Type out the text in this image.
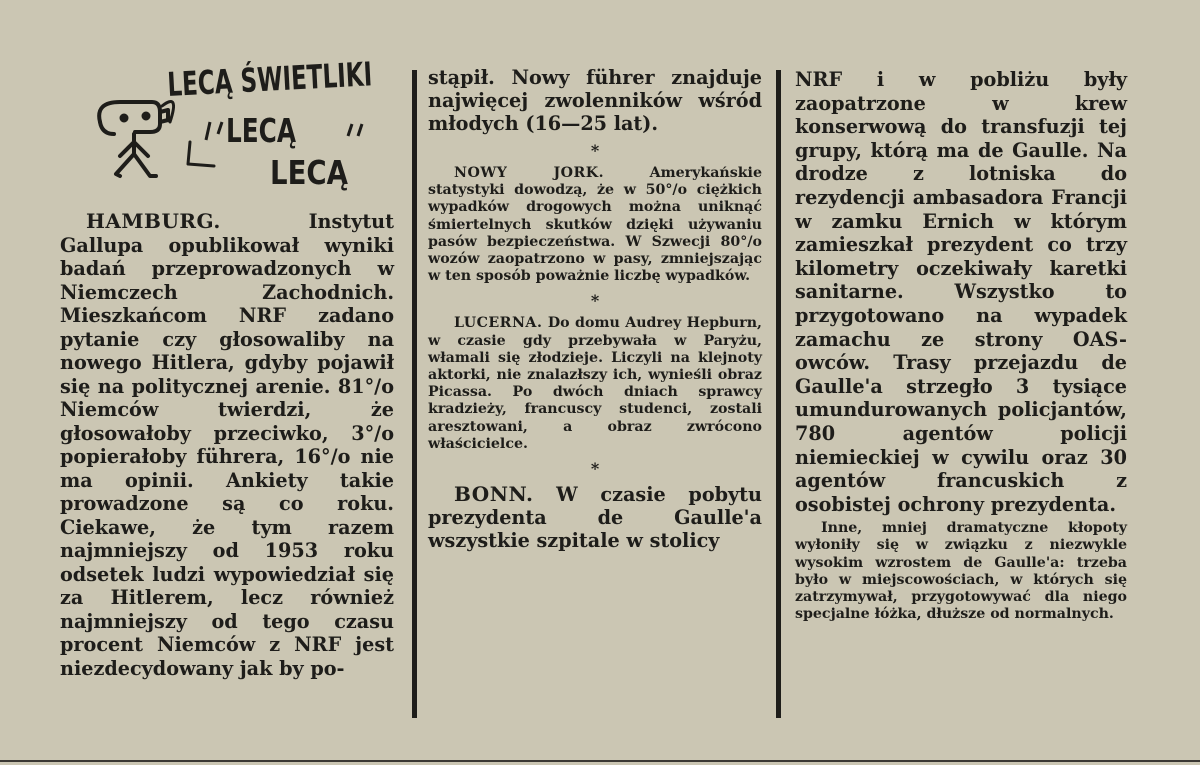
LECĄ ŚWIETLIKI
LECĄ
LECĄ

HAMBURG.	Instytut Gallupa opublikował wyniki badań przeprowadzonych w Niemczech Zachodnich. Mieszkańcom NRF zadano pytanie czy głosowaliby na nowego Hitlera, gdyby pojawił się na politycznej arenie. 81°/o Niemców twierdzi, że głosowałoby przeciwko, 3°/o popierałoby führera, 16°/o nie ma opinii. Ankiety takie prowadzone są co roku. Ciekawe, że tym razem najmniejszy od 1953 roku odsetek ludzi wypowiedział się za Hitlerem, lecz również najmniejszy od tego czasu procent Niemców z NRF jest niezdecydowany jak by po-

stąpił. Nowy führer znajduje najwięcej zwolenników wśród młodych (16—25 lat).

*

NOWY JORK.	Amerykańskie statystyki dowodzą, że w 50°/o ciężkich wypadków drogowych można uniknąć śmiertelnych skutków dzięki używaniu pasów bezpieczeństwa. W Szwecji 80°/o wozów zaopatrzono w pasy, zmniejszając w ten sposób poważnie liczbę wypadków.

*

LUCERNA. Do domu Audrey Hepburn, w czasie gdy przebywała w Paryżu, włamali się złodzieje. Liczyli na klejnoty aktorki, nie znalazłszy ich, wynieśli obraz Picassa. Po dwóch dniach sprawcy kradzieży, francuscy studenci, zostali aresztowani, a obraz zwrócono właścicielce.

*

BONN. W czasie pobytu prezydenta de Gaulle'a wszystkie szpitale w stolicy

NRF i w pobliżu były zaopatrzone w krew konserwową do transfuzji tej grupy, którą ma de Gaulle. Na drodze z lotniska do rezydencji ambasadora Francji w zamku Ernich w którym zamieszkał prezydent co trzy kilometry oczekiwały karetki sanitarne. Wszystko to przygotowano na wypadek zamachu ze strony OAS-owców. Trasy przejazdu de Gaulle'a strzegło 3 tysiące umundurowanych policjantów, 780 agentów policji niemieckiej w cywilu oraz 30 agentów francuskich z osobistej ochrony prezydenta.

Inne, mniej dramatyczne kłopoty wyłoniły się w związku z niezwykle wysokim wzrostem de Gaulle'a: trzeba było w miejscowościach, w których się zatrzymywał, przygotowywać dla niego specjalne łóżka, dłuższe od normalnych.
